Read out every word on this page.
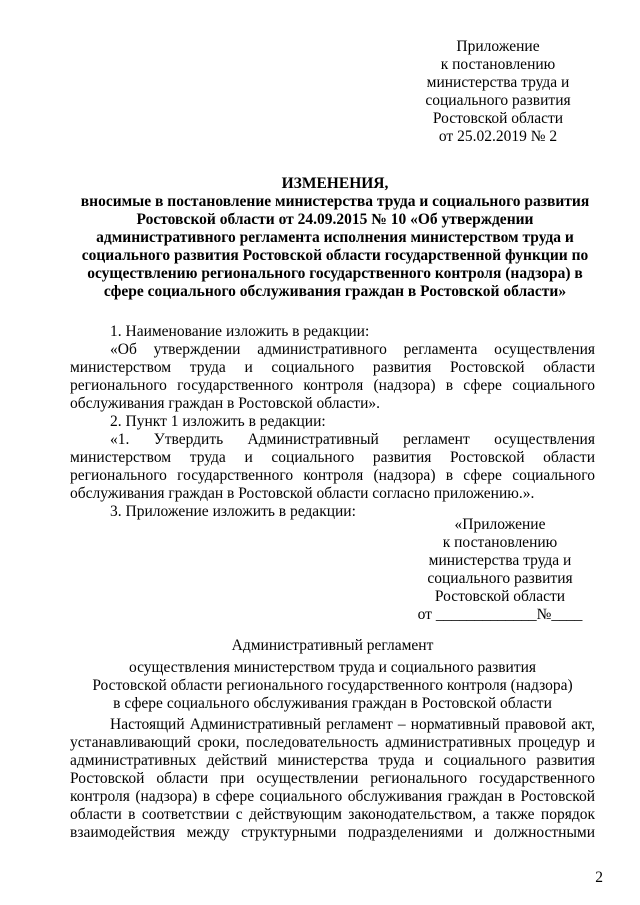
Приложение
к постановлению
министерства труда и
социального развития
Ростовской области
от 25.02.2019 № 2
ИЗМЕНЕНИЯ,
вносимые в постановление министерства труда и социального развития
Ростовской области от 24.09.2015 № 10 «Об утверждении
административного регламента исполнения министерством труда и
социального развития Ростовской области государственной функции по
осуществлению регионального государственного контроля (надзора) в
сфере социального обслуживания граждан в Ростовской области»

1. Наименование изложить в редакции:

«Об утверждении административного регламента осуществления
министерством труда и социального развития Ростовской области
регионального государственного контроля (надзора) в сфере социального
обслуживания граждан в Ростовской области».

2. Пункт 1 изложить в редакции:

«1. Утвердить Административный регламент осуществления
министерством труда и социального развития Ростовской области
регионального государственного контроля (надзора) в сфере социального
обслуживания граждан в Ростовской области согласно приложению.».

3. Приложение изложить в редакции:

«Приложение
к постановлению
министерства труда и
социального развития
Ростовской области
от _____________№____
Административный регламент
осуществления министерством труда и социального развития
Ростовской области регионального государственного контроля (надзора)
в сфере социального обслуживания граждан в Ростовской области
Настоящий Административный регламент – нормативный правовой акт,
устанавливающий сроки, последовательность административных процедур и
административных действий министерства труда и социального развития
Ростовской области при осуществлении регионального государственного
контроля (надзора) в сфере социального обслуживания граждан в Ростовской
области в соответствии с действующим законодательством, а также порядок
взаимодействия между структурными подразделениями и должностными
2
